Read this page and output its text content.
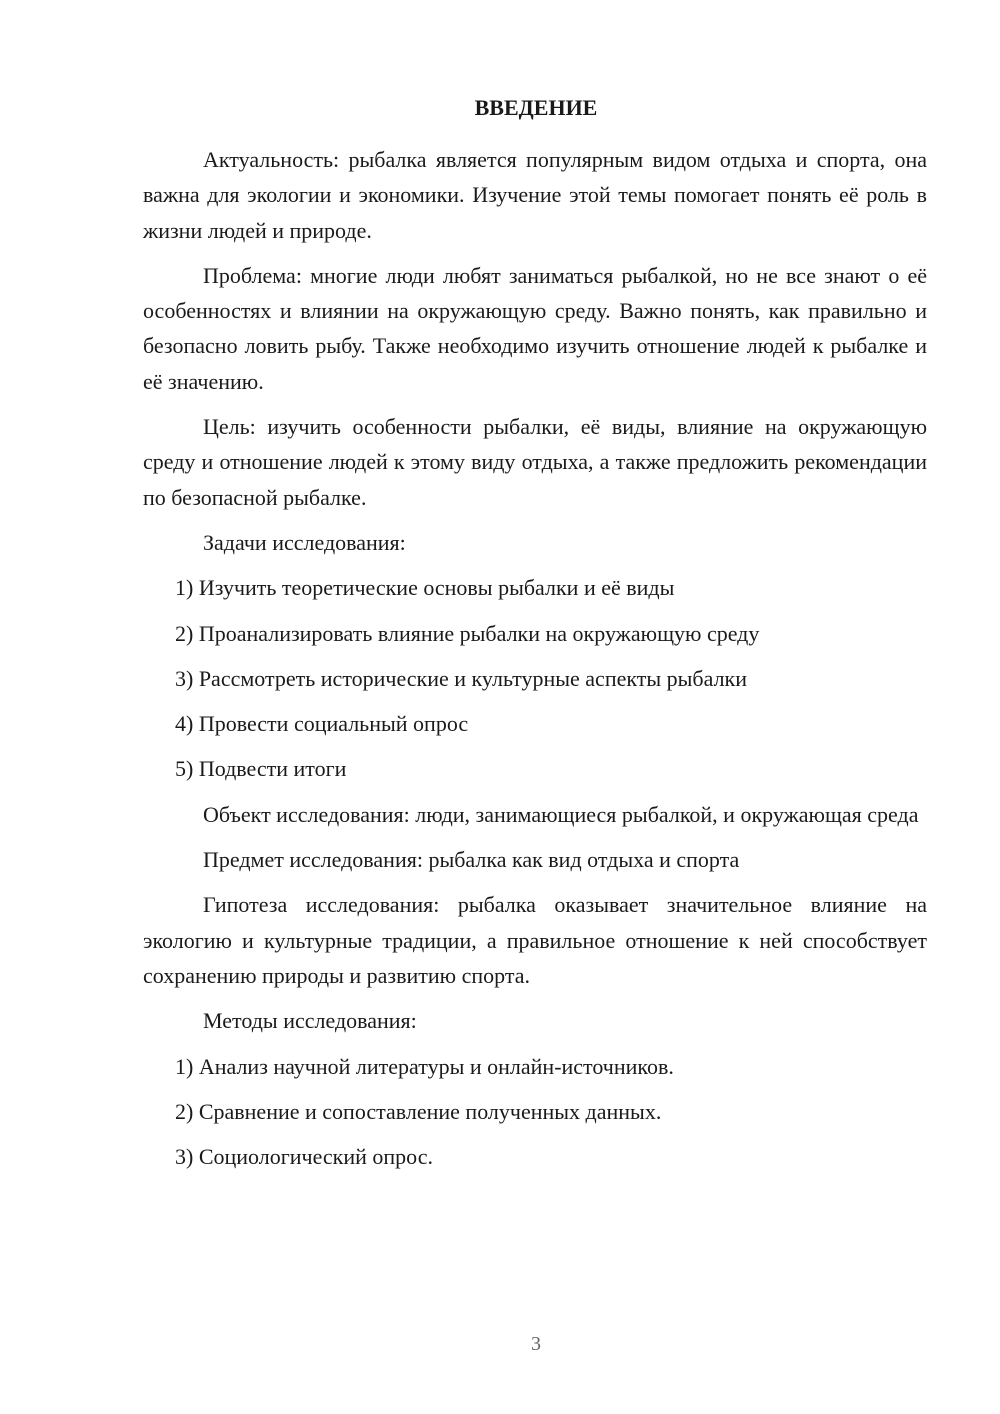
ВВЕДЕНИЕ

Актуальность: рыбалка является популярным видом отдыха и спорта, она важна для экологии и экономики. Изучение этой темы помогает понять её роль в жизни людей и природе.

Проблема: многие люди любят заниматься рыбалкой, но не все знают о её особенностях и влиянии на окружающую среду. Важно понять, как правильно и безопасно ловить рыбу. Также необходимо изучить отношение людей к рыбалке и её значению.

Цель: изучить особенности рыбалки, её виды, влияние на окружающую среду и отношение людей к этому виду отдыха, а также предложить рекомендации по безопасной рыбалке.

Задачи исследования:

1) Изучить теоретические основы рыбалки и её виды
2) Проанализировать влияние рыбалки на окружающую среду
3) Рассмотреть исторические и культурные аспекты рыбалки
4) Провести социальный опрос
5) Подвести итоги

Объект исследования: люди, занимающиеся рыбалкой, и окружающая среда

Предмет исследования: рыбалка как вид отдыха и спорта

Гипотеза исследования: рыбалка оказывает значительное влияние на экологию и культурные традиции, а правильное отношение к ней способствует сохранению природы и развитию спорта.

Методы исследования:

1) Анализ научной литературы и онлайн-источников.
2) Сравнение и сопоставление полученных данных.
3) Социологический опрос.
3
